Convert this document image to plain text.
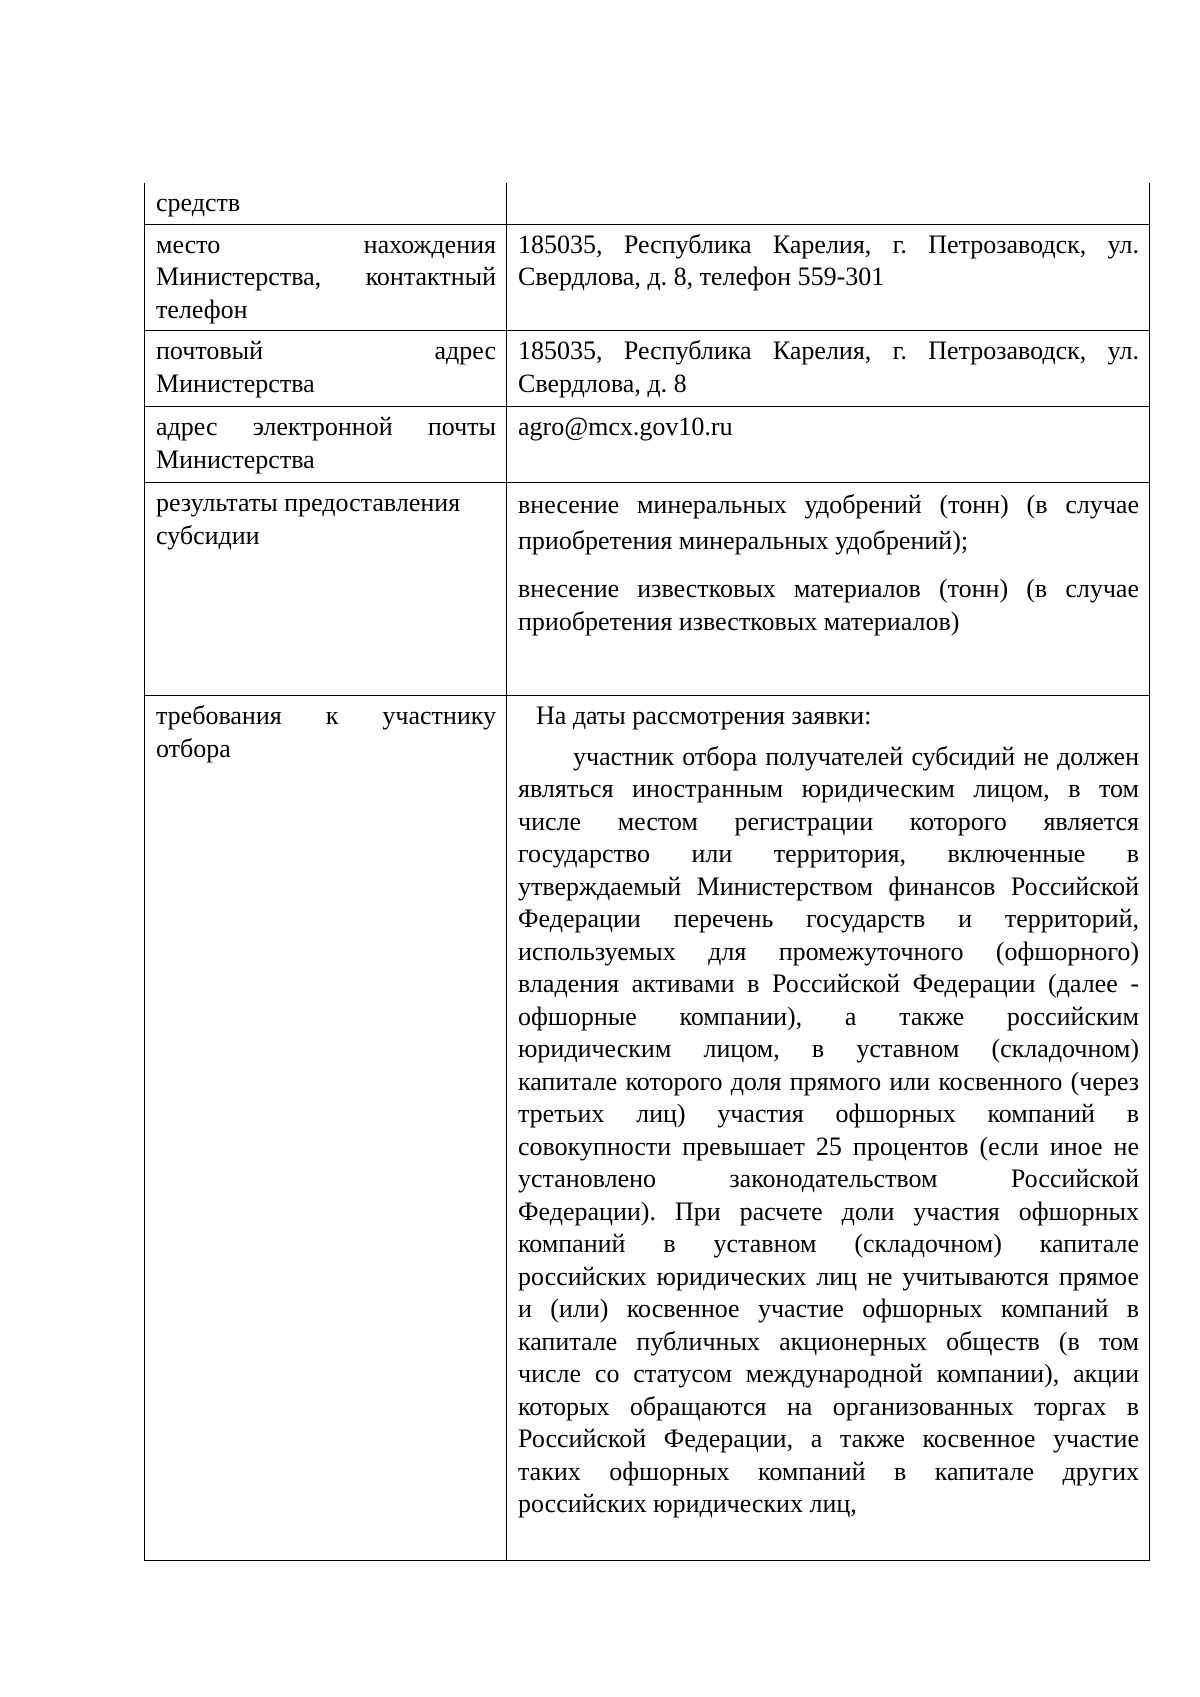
средств	
место нахождения Министерства, контактный телефон	185035, Республика Карелия, г. Петрозаводск, ул. Свердлова, д. 8, телефон 559-301
почтовый адрес Министерства	185035, Республика Карелия, г. Петрозаводск, ул. Свердлова, д. 8
адрес электронной почты Министерства	agro@mcx.gov10.ru
результаты предоставления субсидии	внесение минеральных удобрений (тонн) (в случае приобретения минеральных удобрений);

внесение известковых материалов (тонн) (в случае приобретения известковых материалов)

требования к участнику отбора	На даты рассмотрения заявки:

участник отбора получателей субсидий не должен являться иностранным юридическим лицом, в том числе местом регистрации которого является государство или территория, включенные в утверждаемый Министерством финансов Российской Федерации перечень государств и территорий, используемых для промежуточного (офшорного) владения активами в Российской Федерации (далее - офшорные компании), а также российским юридическим лицом, в уставном (складочном) капитале которого доля прямого или косвенного (через третьих лиц) участия офшорных компаний в совокупности превышает 25 процентов (если иное не установлено законодательством Российской Федерации). При расчете доли участия офшорных компаний в уставном (складочном) капитале российских юридических лиц не учитываются прямое и (или) косвенное участие офшорных компаний в капитале публичных акционерных обществ (в том числе со статусом международной компании), акции которых обращаются на организованных торгах в Российской Федерации, а также косвенное участие таких офшорных компаний в капитале других российских юридических лиц,
